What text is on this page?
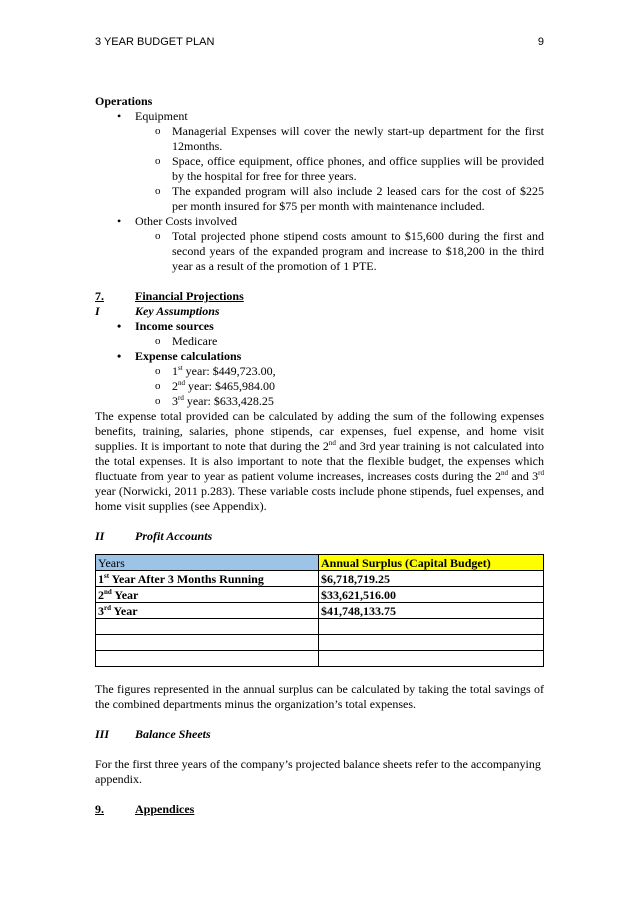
3 YEAR BUDGET PLAN	9
Operations
•
Equipment
o
Managerial Expenses will cover the newly start-up department for the first 12months.
o
Space, office equipment, office phones, and office supplies will be provided by the hospital for free for three years.
o
The expanded program will also include 2 leased cars for the cost of $225 per month insured for $75 per month with maintenance included.
•
Other Costs involved
o
Total projected phone stipend costs amount to $15,600 during the first and second years of the expanded program and increase to $18,200 in the third year as a result of the promotion of 1 PTE.
7.	Financial Projections
I	Key Assumptions
•
Income sources
o
Medicare
•
Expense calculations
o
1st year: $449,723.00,
o
2nd year: $465,984.00
o
3rd year: $633,428.25

The expense total provided can be calculated by adding the sum of the following expenses benefits, training, salaries, phone stipends, car expenses, fuel expense, and home visit supplies. It is important to note that during the 2nd and 3rd year training is not calculated into the total expenses. It is also important to note that the flexible budget, the expenses which fluctuate from year to year as patient volume increases, increases costs during the 2nd and 3rd year (Norwicki, 2011 p.283). These variable costs include phone stipends, fuel expenses, and home visit supplies (see Appendix).

II	Profit Accounts
Years	Annual Surplus (Capital Budget)
1st Year After 3 Months Running	$6,718,719.25
2nd Year	$33,621,516.00
3rd Year	$41,748,133.75

The figures represented in the annual surplus can be calculated by taking the total savings of the combined departments minus the organization’s total expenses.

III	Balance Sheets

For the first three years of the company’s projected balance sheets refer to the accompanying appendix.

9.	Appendices
